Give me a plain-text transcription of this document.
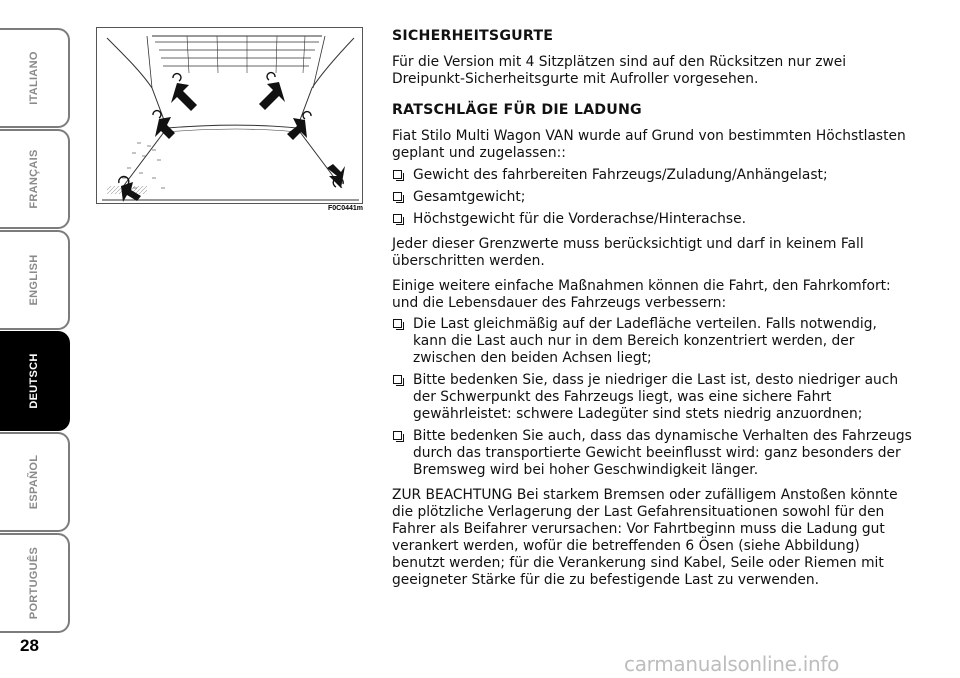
ITALIANO
FRANÇAIS
ENGLISH
DEUTSCH
ESPAÑOL
PORTUGUÊS
28
F0C0441m
SICHERHEITSGURTE

Für die Version mit 4 Sitzplätzen sind auf den Rücksitzen nur zwei Dreipunkt-Sicherheitsgurte mit Aufroller vorgesehen.

RATSCHLÄGE FÜR DIE LADUNG

Fiat Stilo Multi Wagon VAN wurde auf Grund von bestimmten Höchstlasten geplant und zugelassen::

Gewicht des fahrbereiten Fahrzeugs/Zuladung/Anhängelast;
Gesamtgewicht;
Höchstgewicht für die Vorderachse/Hinterachse.

Jeder dieser Grenzwerte muss berücksichtigt und darf in keinem Fall überschritten werden.

Einige weitere einfache Maßnahmen können die Fahrt, den Fahrkomfort: und die Lebensdauer des Fahrzeugs verbessern:

Die Last gleichmäßig auf der Ladefläche verteilen. Falls notwendig, kann die Last auch nur in dem Bereich konzentriert werden, der zwischen den beiden Achsen liegt;
Bitte bedenken Sie, dass je niedriger die Last ist, desto niedriger auch der Schwerpunkt des Fahrzeugs liegt, was eine sichere Fahrt gewährleistet: schwere Ladegüter sind stets niedrig anzuordnen;
Bitte bedenken Sie auch, dass das dynamische Verhalten des Fahrzeugs durch das transportierte Gewicht beeinflusst wird: ganz besonders der Bremsweg wird bei hoher Geschwindigkeit länger.

ZUR BEACHTUNG Bei starkem Bremsen oder zufälligem Anstoßen könnte die plötzliche Verlagerung der Last Gefahrensituationen sowohl für den Fahrer als Beifahrer verursachen: Vor Fahrtbeginn muss die Ladung gut verankert werden, wofür die betreffenden 6 Ösen (siehe Abbildung) benutzt werden; für die Verankerung sind Kabel, Seile oder Riemen mit geeigneter Stärke für die zu befestigende Last zu verwenden.

carmanualsonline.info
